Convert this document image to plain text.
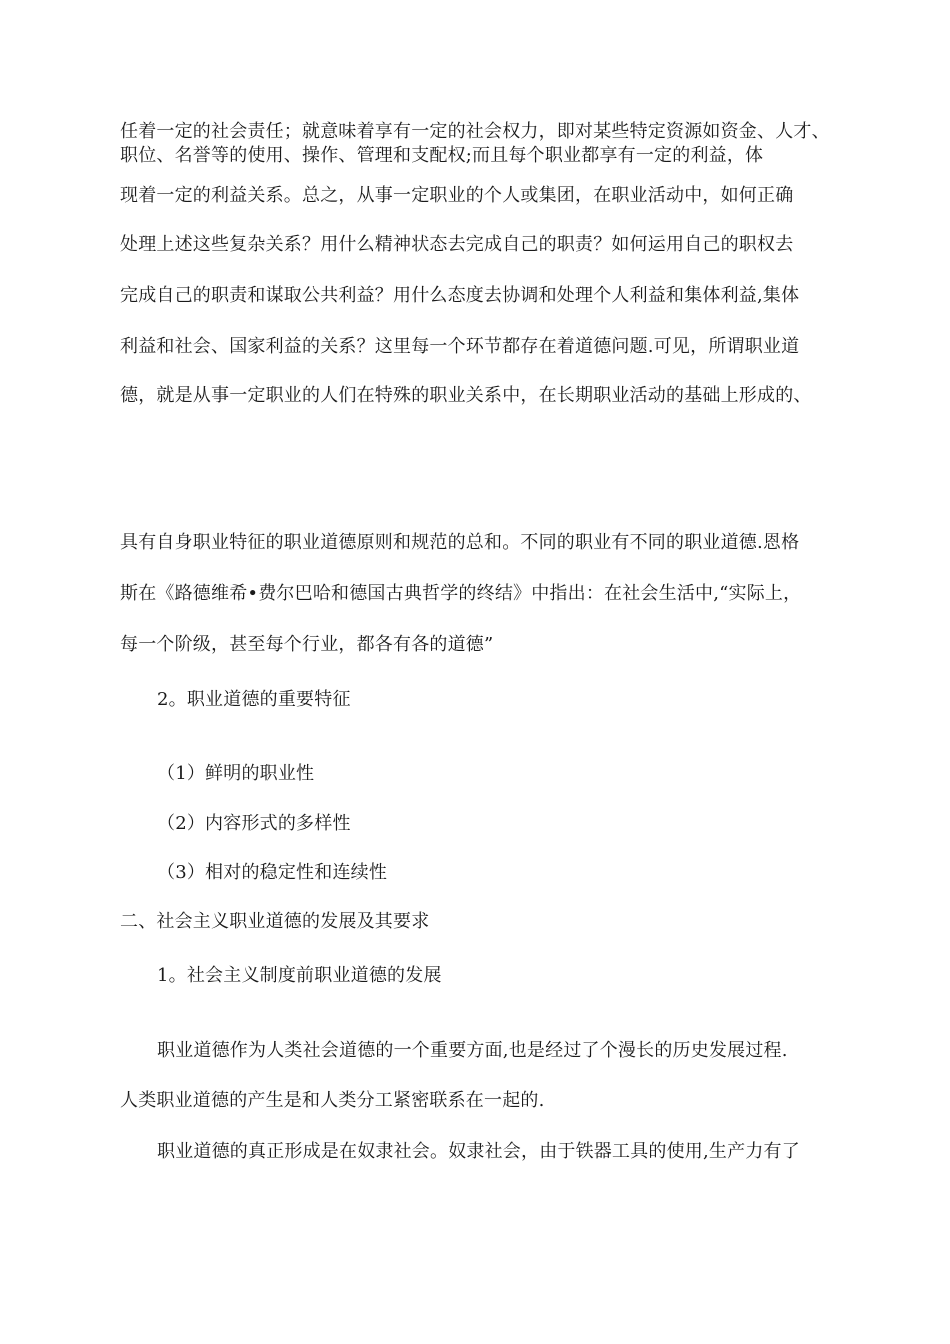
任着一定的社会责任；就意味着享有一定的社会权力，即对某些特定资源如资金、人才、
职位、名誉等的使用、操作、管理和支配权;而且每个职业都享有一定的利益，体
现着一定的利益关系。总之，从事一定职业的个人或集团，在职业活动中，如何正确
处理上述这些复杂关系？用什么精神状态去完成自己的职责？如何运用自己的职权去
完成自己的职责和谋取公共利益？用什么态度去协调和处理个人利益和集体利益,集体
利益和社会、国家利益的关系？这里每一个环节都存在着道德问题.可见，所谓职业道
德，就是从事一定职业的人们在特殊的职业关系中，在长期职业活动的基础上形成的、
具有自身职业特征的职业道德原则和规范的总和。不同的职业有不同的职业道德.恩格
斯在《路德维希•费尔巴哈和德国古典哲学的终结》中指出：在社会生活中,“实际上，
每一个阶级，甚至每个行业，都各有各的道德”
2。职业道德的重要特征
（1）鲜明的职业性
（2）内容形式的多样性
（3）相对的稳定性和连续性
二、社会主义职业道德的发展及其要求
1。社会主义制度前职业道德的发展
职业道德作为人类社会道德的一个重要方面,也是经过了个漫长的历史发展过程.
人类职业道德的产生是和人类分工紧密联系在一起的.
职业道德的真正形成是在奴隶社会。奴隶社会，由于铁器工具的使用,生产力有了
